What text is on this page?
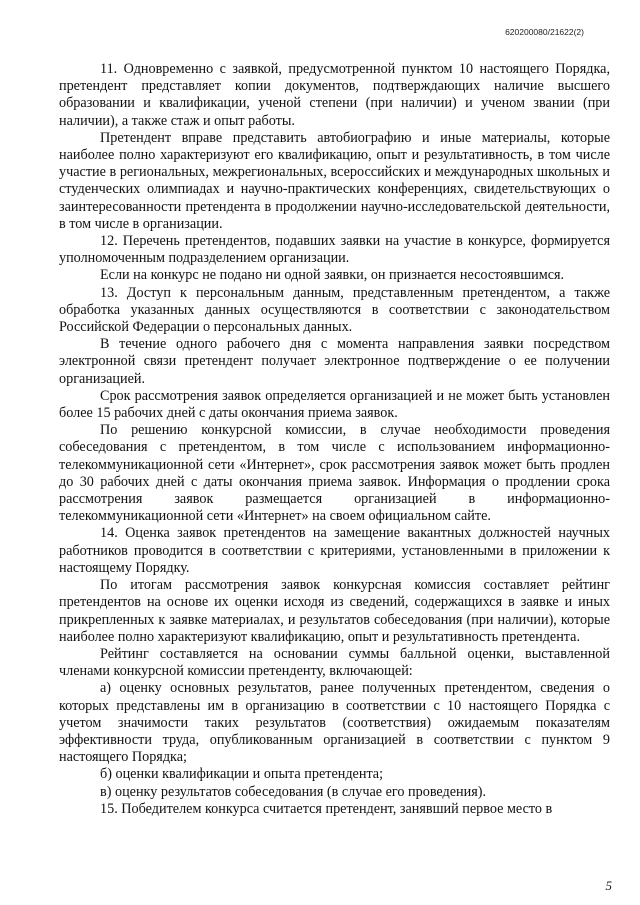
620200080/21622(2)

11. Одновременно с заявкой, предусмотренной пунктом 10 настоящего Порядка, претендент представляет копии документов, подтверждающих наличие высшего образовании и квалификации, ученой степени (при наличии) и ученом звании (при наличии), а также стаж и опыт работы.

Претендент вправе представить автобиографию и иные материалы, которые наиболее полно характеризуют его квалификацию, опыт и результативность, в том числе участие в региональных, межрегиональных, всероссийских и международных школьных и студенческих олимпиадах и научно-практических конференциях, свидетельствующих о заинтересованности претендента в продолжении научно-исследовательской деятельности, в том числе в организации.

12. Перечень претендентов, подавших заявки на участие в конкурсе, формируется уполномоченным подразделением организации.

Если на конкурс не подано ни одной заявки, он признается несостоявшимся.

13. Доступ к персональным данным, представленным претендентом, а также обработка указанных данных осуществляются в соответствии с законодательством Российской Федерации о персональных данных.

В течение одного рабочего дня с момента направления заявки посредством электронной связи претендент получает электронное подтверждение о ее получении организацией.

Срок рассмотрения заявок определяется организацией и не может быть установлен более 15 рабочих дней с даты окончания приема заявок.

По решению конкурсной комиссии, в случае необходимости проведения собеседования с претендентом, в том числе с использованием информационно-телекоммуникационной сети «Интернет», срок рассмотрения заявок может быть продлен до 30 рабочих дней с даты окончания приема заявок. Информация о продлении срока рассмотрения заявок размещается организацией в информационно-телекоммуникационной сети «Интернет» на своем официальном сайте.

14. Оценка заявок претендентов на замещение вакантных должностей научных работников проводится в соответствии с критериями, установленными в приложении к настоящему Порядку.

По итогам рассмотрения заявок конкурсная комиссия составляет рейтинг претендентов на основе их оценки исходя из сведений, содержащихся в заявке и иных прикрепленных к заявке материалах, и результатов собеседования (при наличии), которые наиболее полно характеризуют квалификацию, опыт и результативность претендента.

Рейтинг составляется на основании суммы балльной оценки, выставленной членами конкурсной комиссии претенденту, включающей:

а) оценку основных результатов, ранее полученных претендентом, сведения о которых представлены им в организацию в соответствии с 10 настоящего Порядка с учетом значимости таких результатов (соответствия) ожидаемым показателям эффективности труда, опубликованным организацией в соответствии с пунктом 9 настоящего Порядка;

б) оценки квалификации и опыта претендента;

в) оценку результатов собеседования (в случае его проведения).

15. Победителем конкурса считается претендент, занявший первое место в

5
